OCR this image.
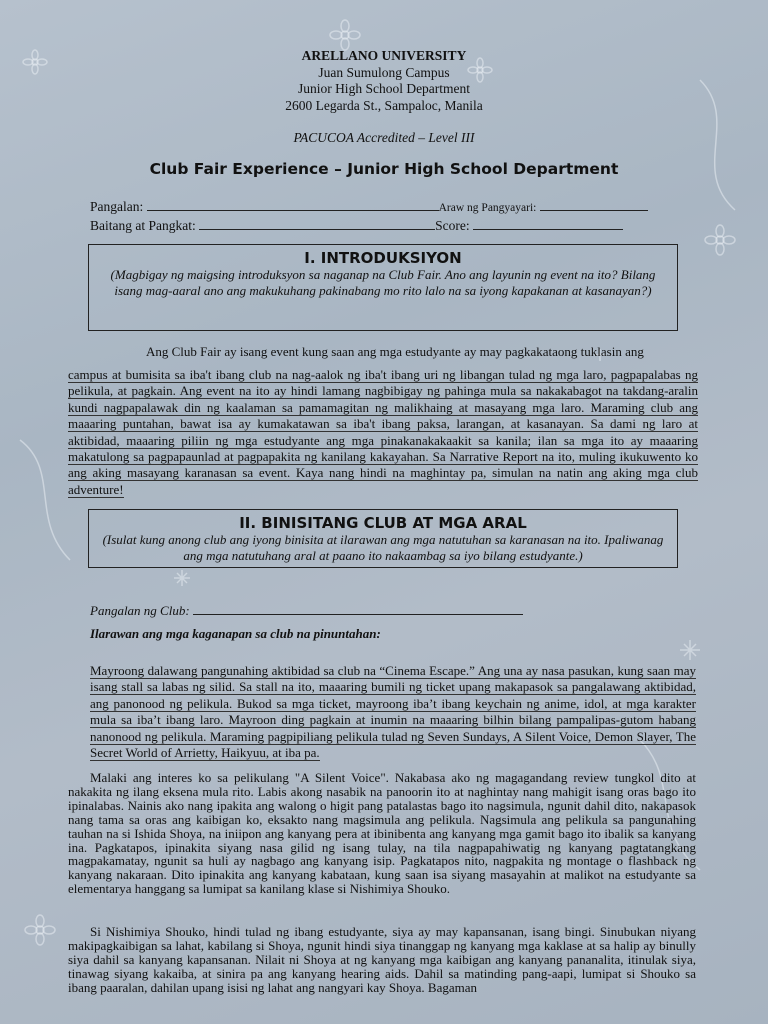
ARELLANO UNIVERSITY
Juan Sumulong Campus
Junior High School Department
2600 Legarda St., Sampaloc, Manila
PACUCOA Accredited – Level III
Club Fair Experience – Junior High School Department
Pangalan:	Araw ng Pangyayari:
Baitang at Pangkat:	Score:
I. INTRODUKSIYON
(Magbigay ng maigsing introduksyon sa naganap na Club Fair. Ano ang layunin ng event na ito? Bilang isang mag-aaral ano ang makukuhang pakinabang mo rito lalo na sa iyong kapakanan at kasanayan?)
Ang Club Fair ay isang event kung saan ang mga estudyante ay may pagkakataong tuklasin ang
campus at bumisita sa iba't ibang club na nag-aalok ng iba't ibang uri ng libangan tulad ng mga laro, pagpapalabas ng pelikula, at pagkain. Ang event na ito ay hindi lamang nagbibigay ng pahinga mula sa nakakabagot na takdang-aralin kundi nagpapalawak din ng kaalaman sa pamamagitan ng malikhaing at masayang mga laro. Maraming club ang maaaring puntahan, bawat isa ay kumakatawan sa iba't ibang paksa, larangan, at kasanayan. Sa dami ng laro at aktibidad, maaaring piliin ng mga estudyante ang mga pinakanakakaakit sa kanila; ilan sa mga ito ay maaaring makatulong sa pagpapaunlad at pagpapakita ng kanilang kakayahan. Sa Narrative Report na ito, muling ikukuwento ko ang aking masayang karanasan sa event. Kaya nang hindi na maghintay pa, simulan na natin ang aking mga club adventure!
II. BINISITANG CLUB AT MGA ARAL
(Isulat kung anong club ang iyong binisita at ilarawan ang mga natutuhan sa karanasan na ito. Ipaliwanag ang mga natutuhang aral at paano ito nakaambag sa iyo bilang estudyante.)
Pangalan ng Club:
Ilarawan ang mga kaganapan sa club na pinuntahan:
Mayroong dalawang pangunahing aktibidad sa club na “Cinema Escape.” Ang una ay nasa pasukan, kung saan may isang stall sa labas ng silid. Sa stall na ito, maaaring bumili ng ticket upang makapasok sa pangalawang aktibidad, ang panonood ng pelikula. Bukod sa mga ticket, mayroong iba’t ibang keychain ng anime, idol, at mga karakter mula sa iba’t ibang laro. Mayroon ding pagkain at inumin na maaaring bilhin bilang pampalipas-gutom habang nanonood ng pelikula. Maraming pagpipiliang pelikula tulad ng Seven Sundays, A Silent Voice, Demon Slayer, The Secret World of Arrietty, Haikyuu, at iba pa.
Malaki ang interes ko sa pelikulang "A Silent Voice". Nakabasa ako ng magagandang review tungkol dito at nakakita ng ilang eksena mula rito. Labis akong nasabik na panoorin ito at naghintay nang mahigit isang oras bago ito ipinalabas. Nainis ako nang ipakita ang walong o higit pang patalastas bago ito nagsimula, ngunit dahil dito, nakapasok nang tama sa oras ang kaibigan ko, eksakto nang magsimula ang pelikula. Nagsimula ang pelikula sa pangunahing tauhan na si Ishida Shoya, na iniipon ang kanyang pera at ibinibenta ang kanyang mga gamit bago ito ibalik sa kanyang ina. Pagkatapos, ipinakita siyang nasa gilid ng isang tulay, na tila nagpapahiwatig ng kanyang pagtatangkang magpakamatay, ngunit sa huli ay nagbago ang kanyang isip. Pagkatapos nito, nagpakita ng montage o flashback ng kanyang nakaraan. Dito ipinakita ang kanyang kabataan, kung saan isa siyang masayahin at malikot na estudyante sa elementarya hanggang sa lumipat sa kanilang klase si Nishimiya Shouko.
Si Nishimiya Shouko, hindi tulad ng ibang estudyante, siya ay may kapansanan, isang bingi. Sinubukan niyang makipagkaibigan sa lahat, kabilang si Shoya, ngunit hindi siya tinanggap ng kanyang mga kaklase at sa halip ay binully siya dahil sa kanyang kapansanan. Nilait ni Shoya at ng kanyang mga kaibigan ang kanyang pananalita, itinulak siya, tinawag siyang kakaiba, at sinira pa ang kanyang hearing aids. Dahil sa matinding pang-aapi, lumipat si Shouko sa ibang paaralan, dahilan upang isisi ng lahat ang nangyari kay Shoya. Bagaman
